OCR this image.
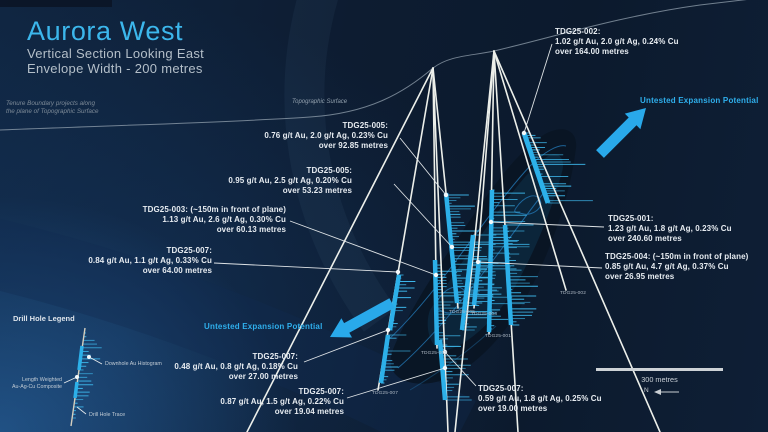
Aurora West
Vertical Section Looking East
Envelope Width - 200 metres
Tenure Boundary projects along
the plane of Topographic Surface
Topographic Surface	Untested Expansion Potential
Untested Expansion Potential
TDG25-005:
0.76 g/t Au, 2.0 g/t Ag, 0.23% Cu
over 92.85 metres
TDG25-005:
0.95 g/t Au, 2.5 g/t Ag, 0.20% Cu
over 53.23 metres
TDG25-003: (~150m in front of plane)
1.13 g/t Au, 2.6 g/t Ag, 0.30% Cu
over 60.13 metres
TDG25-007:
0.84 g/t Au, 1.1 g/t Ag, 0.33% Cu
over 64.00 metres
TDG25-002:
1.02 g/t Au, 2.0 g/t Ag, 0.24% Cu
over 164.00 metres
TDG25-001:
1.23 g/t Au, 1.8 g/t Ag, 0.23% Cu
over 240.60 metres
TDG25-004: (~150m in front of plane)
0.85 g/t Au, 4.7 g/t Ag, 0.37% Cu
over 26.95 metres
TDG25-007:
0.48 g/t Au, 0.8 g/t Ag, 0.18% Cu
over 27.00 metres
TDG25-007:
0.87 g/t Au, 1.5 g/t Ag, 0.22% Cu
over 19.04 metres
TDG25-007:
0.59 g/t Au, 1.8 g/t Ag, 0.25% Cu
over 19.00 metres
TDG25-003
TDG25-005
TDG25-004
TDG25-001
TDG25-002
TDG25-007
Drill Hole Legend
Downhole Au Histogram
Length Weighted
Au-Ag-Cu Composite
Drill Hole Trace
300 metres
N
